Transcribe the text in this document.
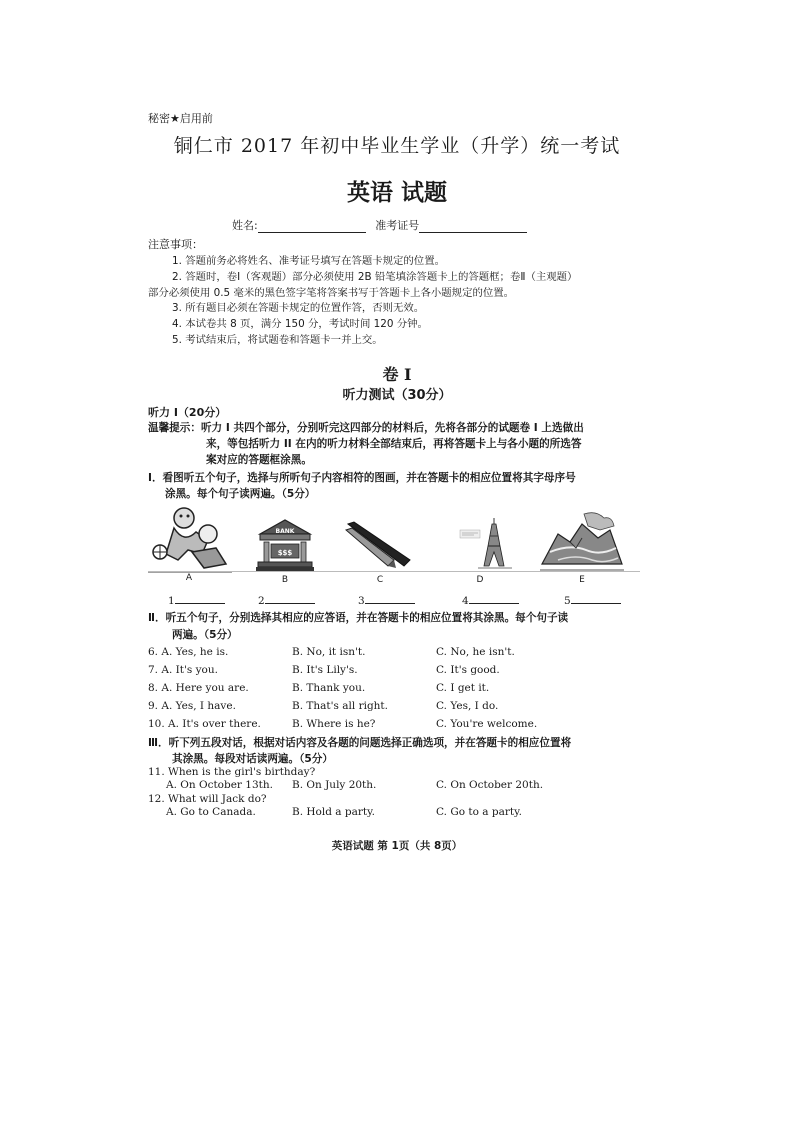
秘密★启用前
铜仁市 2017 年初中毕业生学业（升学）统一考试
英语 试题
姓名:	准考证号
注意事项：
1. 答题前务必将姓名、准考证号填写在答题卡规定的位置。
2. 答题时，卷Ⅰ（客观题）部分必须使用 2B 铅笔填涂答题卡上的答题框；卷Ⅱ（主观题）
部分必须使用 0.5 毫米的黑色签字笔将答案书写于答题卡上各小题规定的位置。
3. 所有题目必须在答题卡规定的位置作答，否则无效。
4. 本试卷共 8 页，满分 150 分，考试时间 120 分钟。
5. 考试结束后，将试题卷和答题卡一并上交。
卷 I
听力测试（30分）
听力 I（20分）
温馨提示：听力 I 共四个部分，分别听完这四部分的材料后，先将各部分的试题卷 I 上选做出
来，等包括听力 II 在内的听力材料全部结束后，再将答题卡上与各小题的所选答
案对应的答题框涂黑。
I．看图听五个句子，选择与所听句子内容相符的图画，并在答题卡的相应位置将其字母序号
涂黑。每个句子读两遍。（5分）
A
BANK
$$$
B	C	D	E
1	2	3	4	5
Ⅱ．听五个句子，分别选择其相应的应答语，并在答题卡的相应位置将其涂黑。每个句子读
两遍。（5分）
6. A. Yes, he is.	B. No, it isn't.	C. No, he isn't.
7. A. It's you.	B. It's Lily's.	C. It's good.
8. A. Here you are.	B. Thank you.	C. I get it.
9. A. Yes, I have.	B. That's all right.	C. Yes, I do.
10. A. It's over there.	B. Where is he?	C. You're welcome.
Ⅲ．听下列五段对话，根据对话内容及各题的问题选择正确选项，并在答题卡的相应位置将
其涂黑。每段对话读两遍。（5分）
11. When is the girl's birthday?
A. On October 13th. B. On July 20th.	C. On October 20th.
12. What will Jack do?
A. Go to Canada.	B. Hold a party.	C. Go to a party.
英语试题 第 1页（共 8页）
